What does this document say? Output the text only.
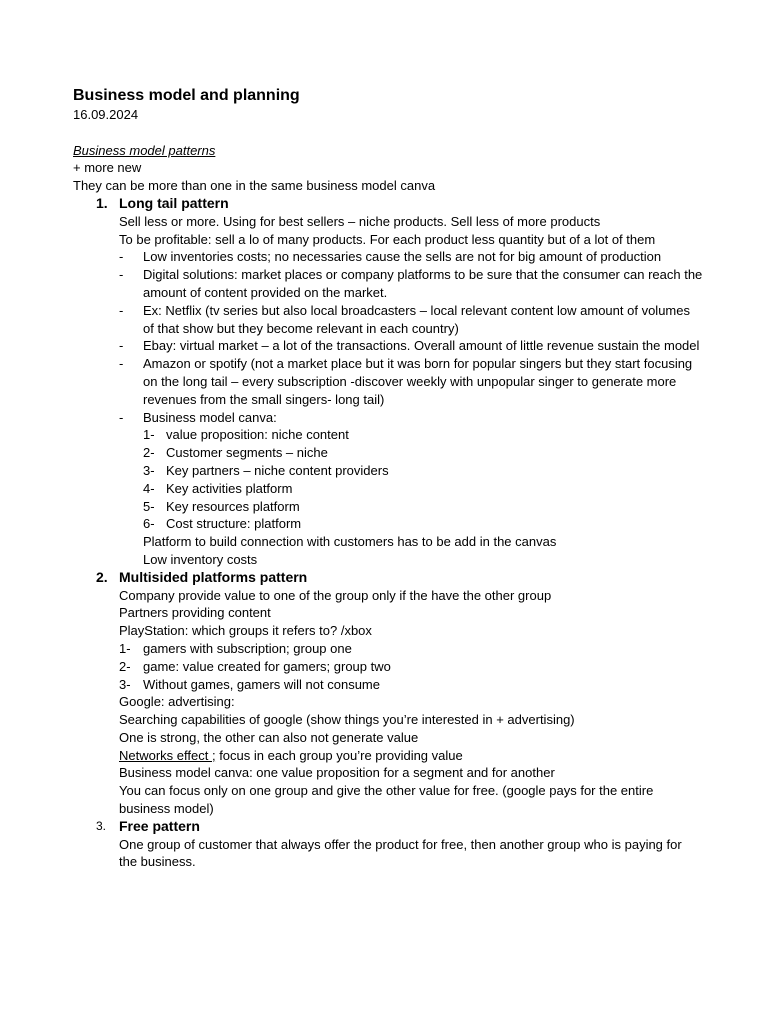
Business model and planning
16.09.2024
Business model patterns
+ more new
They can be more than one in the same business model canva
1. Long tail pattern
Sell less or more. Using for best sellers – niche products. Sell less of more products
To be profitable: sell a lo of many products. For each product less quantity but of a lot of them
- Low inventories costs; no necessaries cause the sells are not for big amount of production
- Digital solutions: market places or company platforms to be sure that the consumer can reach the amount of content provided on the market.
- Ex: Netflix (tv series but also local broadcasters – local relevant content low amount of volumes of that show but they become relevant in each country)
- Ebay: virtual market – a lot of the transactions. Overall amount of little revenue sustain the model
- Amazon or spotify (not a market place but it was born for popular singers but they start focusing on the long tail – every subscription -discover weekly with unpopular singer to generate more revenues from the small singers- long tail)
- Business model canva:
1- value proposition: niche content
2- Customer segments – niche
3- Key partners – niche content providers
4- Key activities platform
5- Key resources platform
6- Cost structure: platform
Platform to build connection with customers has to be add in the canvas
Low inventory costs
2. Multisided platforms pattern
Company provide value to one of the group only if the have the other group
Partners providing content
PlayStation: which groups it refers to? /xbox
1- gamers with subscription; group one
2- game: value created for gamers; group two
3- Without games, gamers will not consume
Google: advertising:
Searching capabilities of google (show things you’re interested in + advertising)
One is strong, the other can also not generate value
Networks effect ; focus in each group you’re providing value
Business model canva: one value proposition for a segment and for another
You can focus only on one group and give the other value for free. (google pays for the entire business model)
3. Free pattern
One group of customer that always offer the product for free, then another group who is paying for the business.
